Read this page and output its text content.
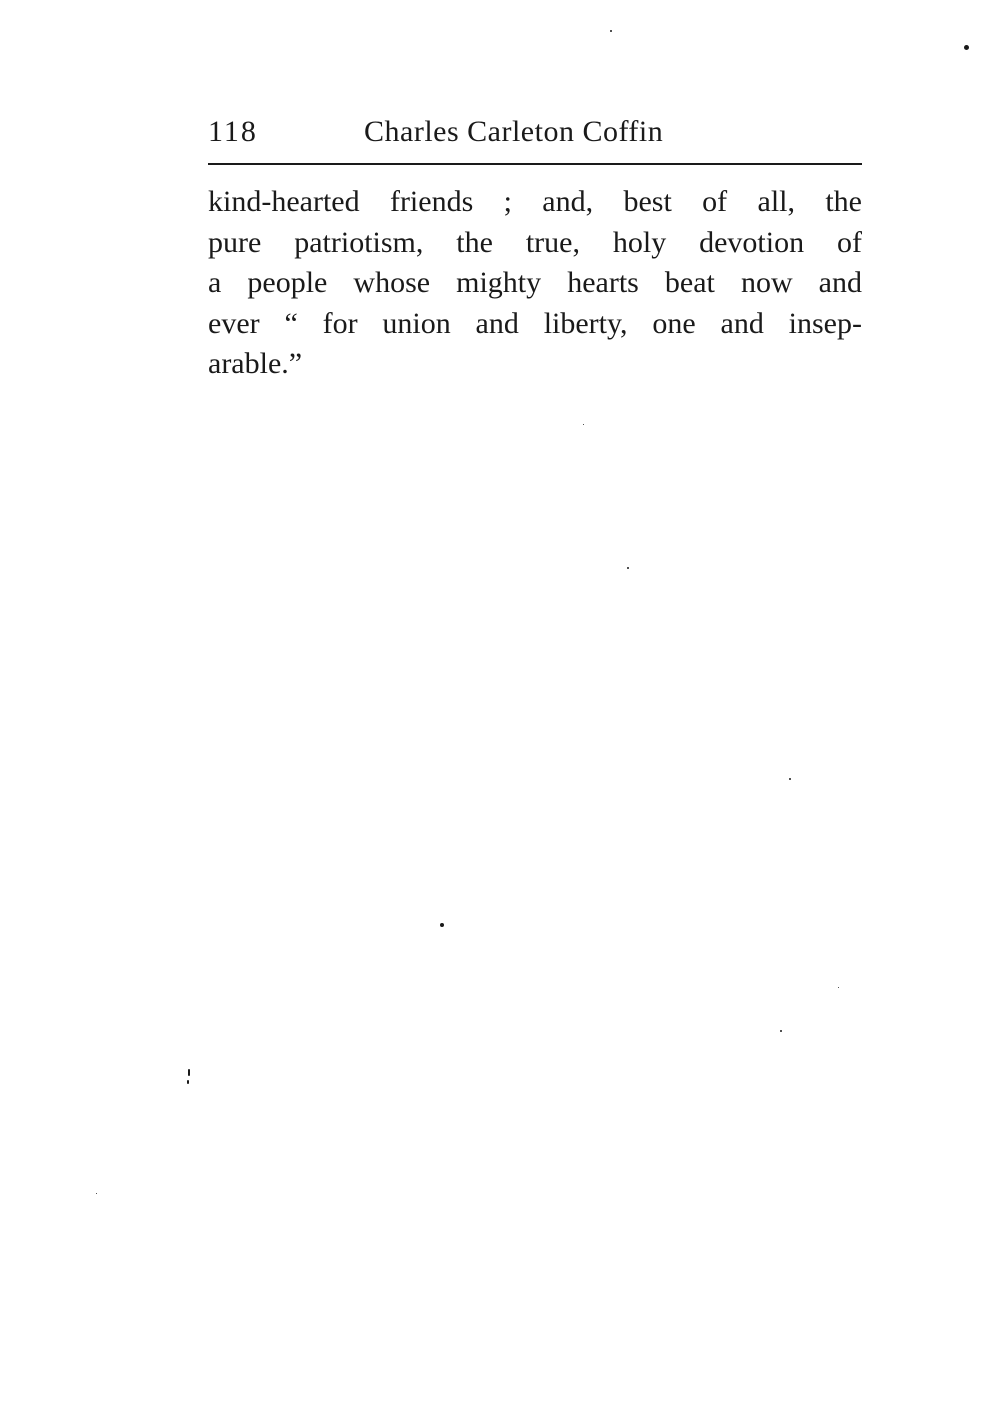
118	Charles Carleton Coffin
kind-hearted friends ; and, best of all, the
pure patriotism, the true, holy devotion of
a people whose mighty hearts beat now and
ever “ for union and liberty, one and insep-
arable.”
